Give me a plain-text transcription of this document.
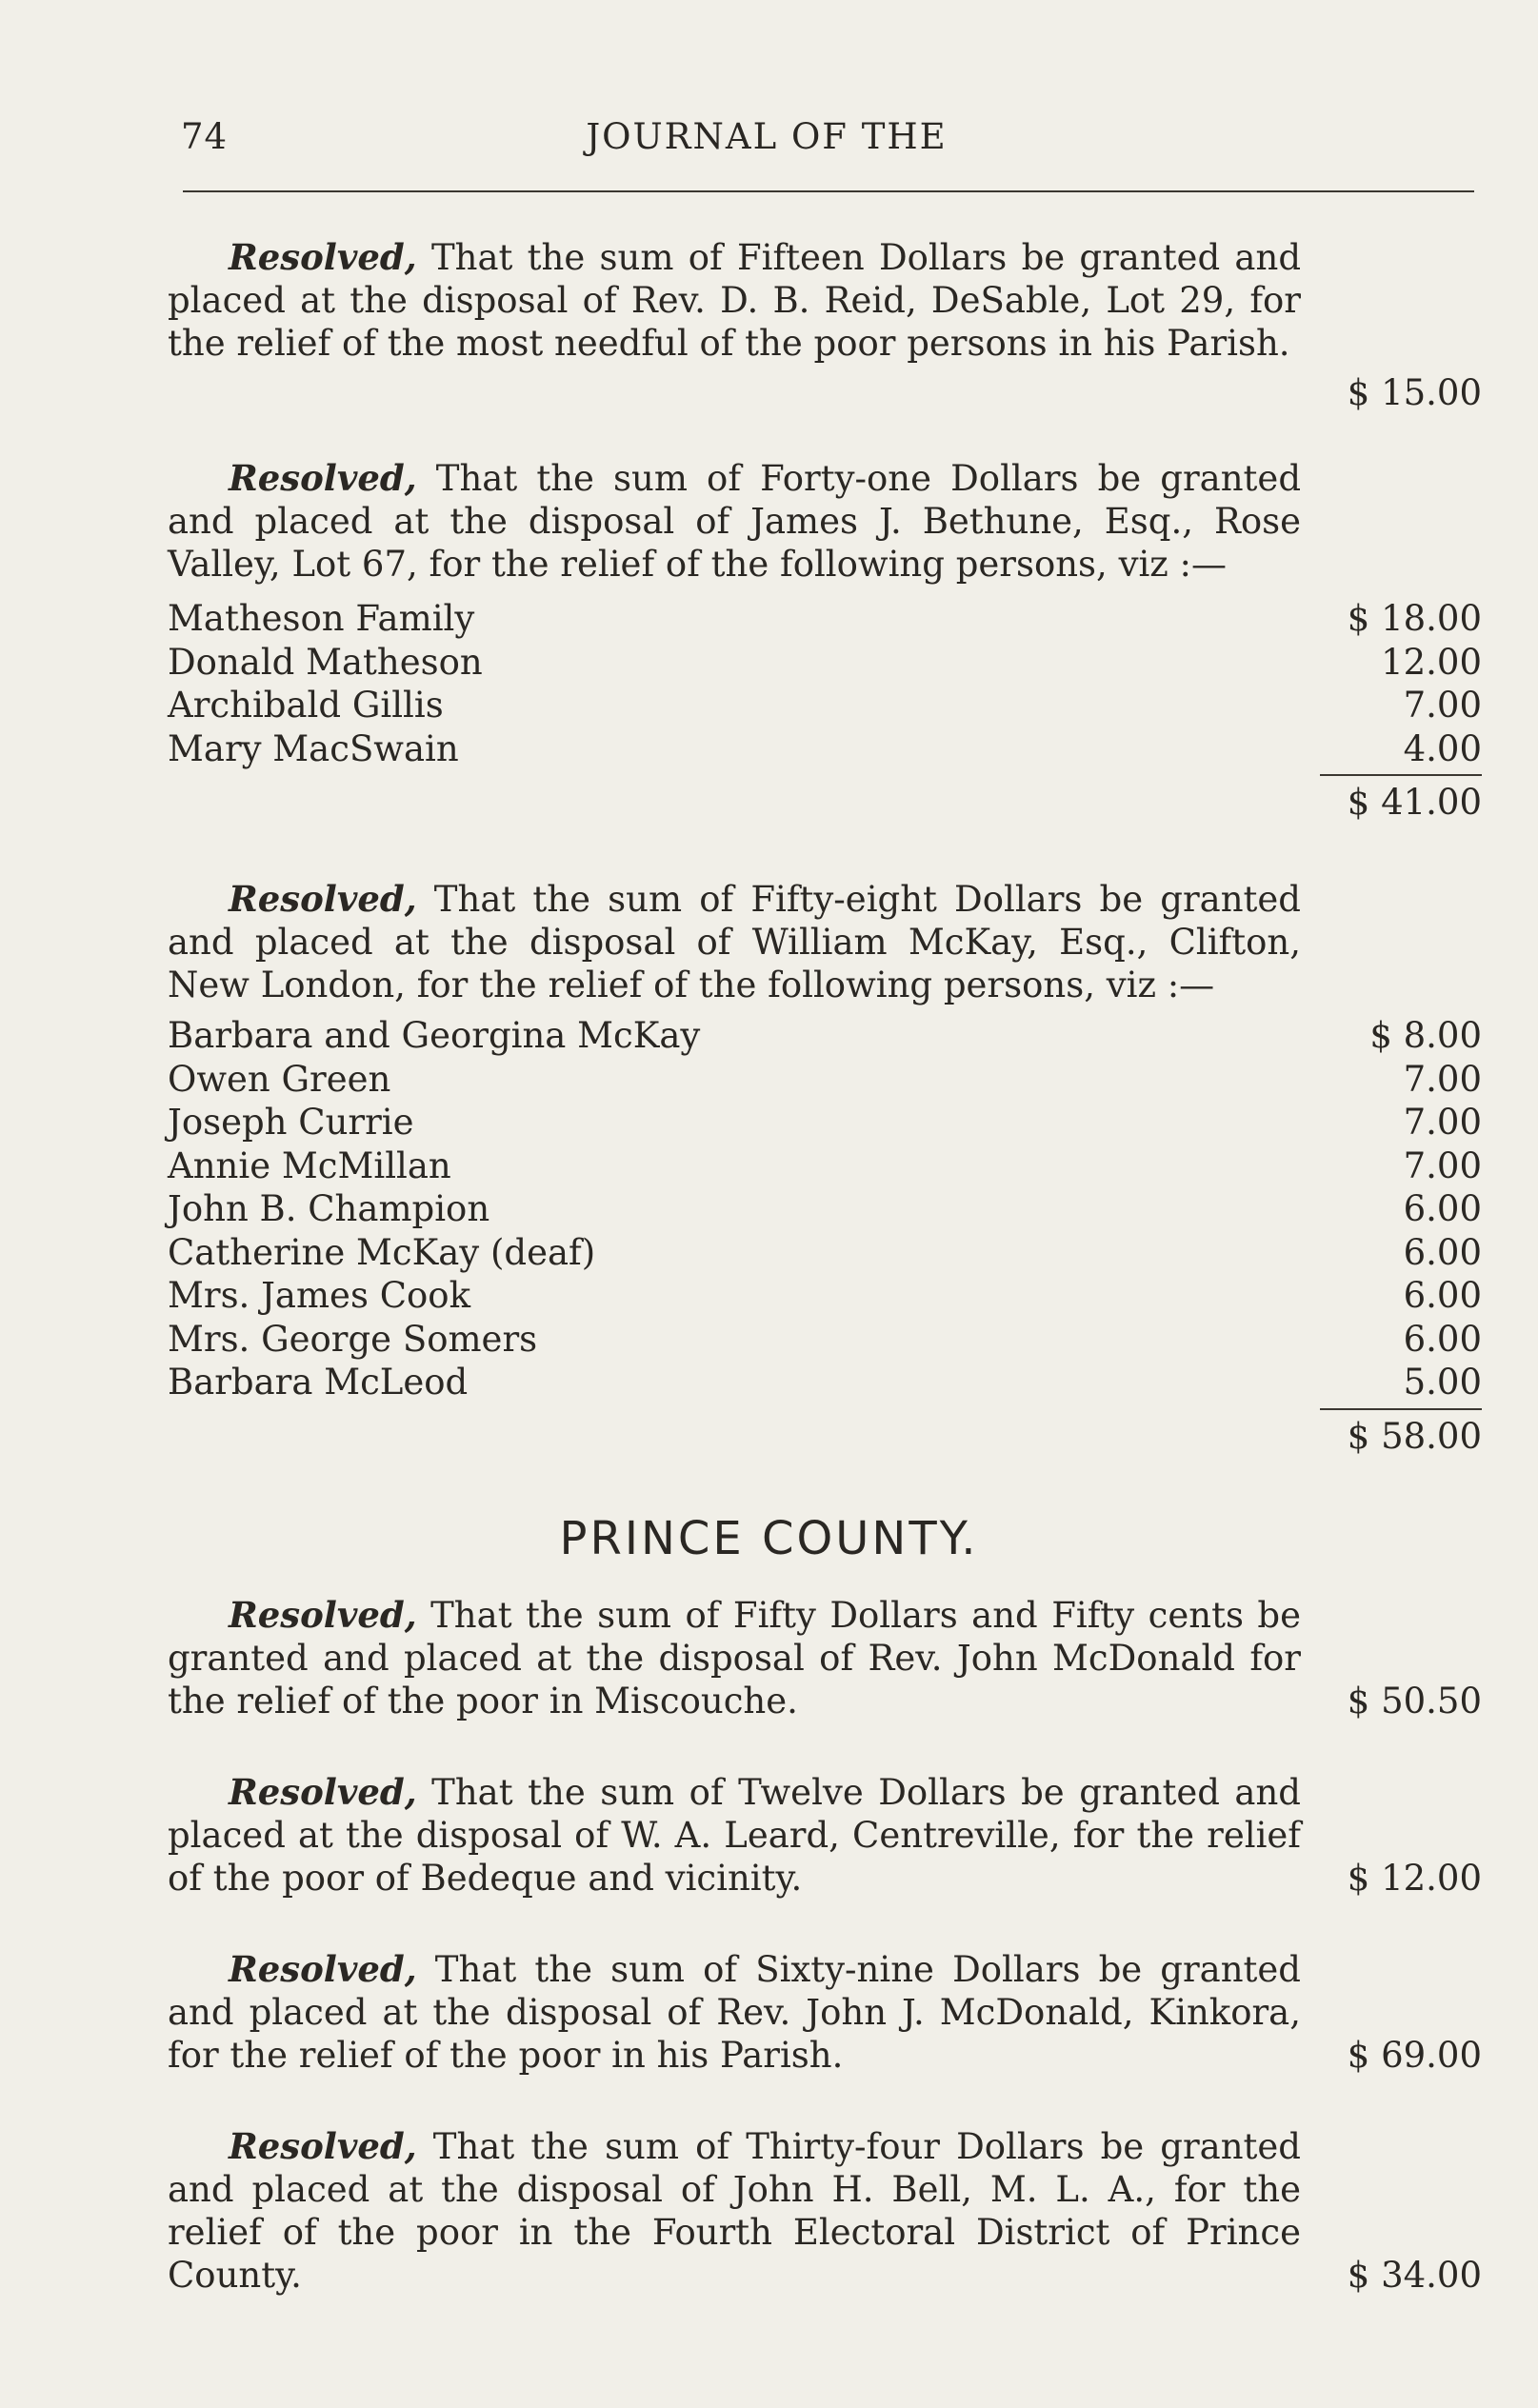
74	JOURNAL OF THE

Resolved, That the sum of Fifteen Dollars be granted and placed at the disposal of Rev. D. B. Reid, DeSable, Lot 29, for the relief of the most needful of the poor persons in his Parish.

$ 15.00

Resolved, That the sum of Forty-one Dollars be granted and placed at the disposal of James J. Bethune, Esq., Rose Valley, Lot 67, for the relief of the following persons, viz :—

Matheson Family	$ 18.00
Donald Matheson	12.00
Archibald Gillis	7.00
Mary MacSwain	4.00
$ 41.00

Resolved, That the sum of Fifty-eight Dollars be granted and placed at the disposal of William McKay, Esq., Clifton, New London, for the relief of the following persons, viz :—

Barbara and Georgina McKay	$ 8.00
Owen Green	7.00
Joseph Currie	7.00
Annie McMillan	7.00
John B. Champion	6.00
Catherine McKay (deaf)	6.00
Mrs. James Cook	6.00
Mrs. George Somers	6.00
Barbara McLeod	5.00
$ 58.00
PRINCE COUNTY.

Resolved, That the sum of Fifty Dollars and Fifty cents be granted and placed at the disposal of Rev. John McDonald for the relief of the poor in Miscouche.	$ 50.50

Resolved, That the sum of Twelve Dollars be granted and placed at the disposal of W. A. Leard, Centreville, for the relief of the poor of Bedeque and vicinity.	$ 12.00

Resolved, That the sum of Sixty-nine Dollars be granted and placed at the disposal of Rev. John J. McDonald, Kinkora, for the relief of the poor in his Parish.	$ 69.00

Resolved, That the sum of Thirty-four Dollars be granted and placed at the disposal of John H. Bell, M. L. A., for the relief of the poor in the Fourth Electoral District of Prince County.	$ 34.00
